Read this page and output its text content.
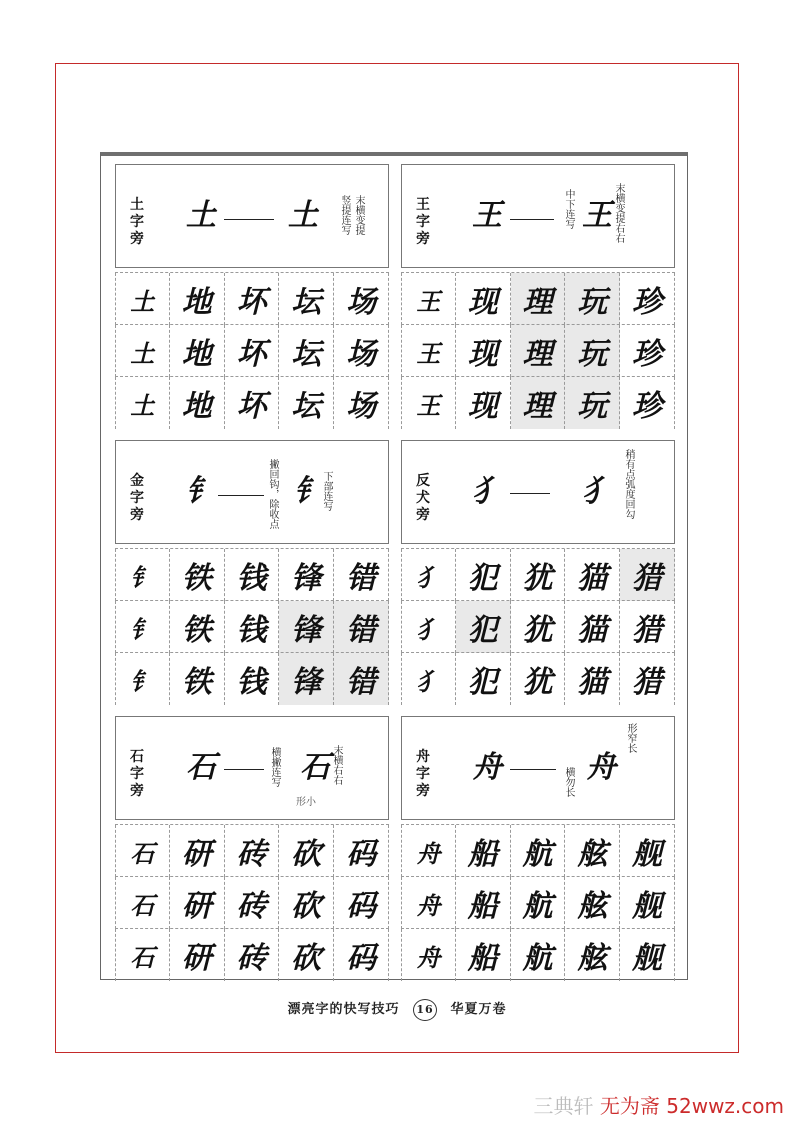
土字旁
土 土 竖提连写 末横变提
土 地 坏 坛 场
土 地 坏 坛 场
土 地 坏 坛 场
王字旁
王	王
中下连写	末横变提右右
王 现 理 玩 珍
王 现 理 玩 珍
王 现 理 玩 珍
金字旁
钅	钅
撇回钩，除收点	下部连写
钅 铁 钱 锋 错
钅 铁 钱 锋 错
钅 铁 钱 锋 错
反犬旁
犭	犭 稍有点弧度回勾
犭 犯 犹 猫 猎
犭 犯 犹 猫 猎
犭 犯 犹 猫 猎
石字旁
石	石
横撇连写	末横右右
形小
石 研 砖 砍 码
石 研 砖 砍 码
石 研 砖 砍 码
舟字旁
舟	舟
形窄长
横勿长
舟 船 航 舷 舰
舟 船 航 舷 舰
舟 船 航 舷 舰
漂亮字的快写技巧 16 华夏万卷
三典轩 无为斋 52wwz.com
